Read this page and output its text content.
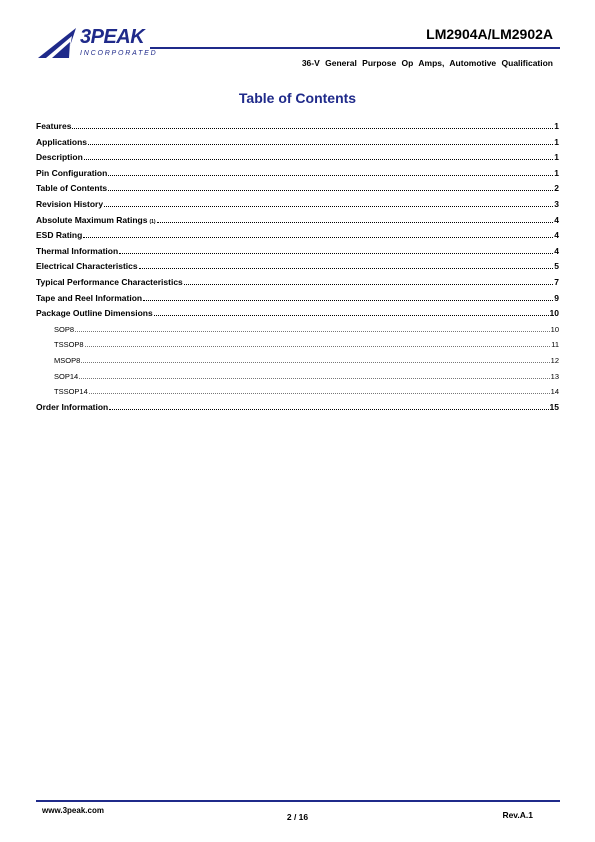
3PEAK
INCORPORATED
LM2904A/LM2902A
36-V General Purpose Op Amps, Automotive Qualification
Table of Contents
Features	1
Applications	1
Description	1
Pin Configuration	1
Table of Contents	2
Revision History	3
Absolute Maximum Ratings $_{(1)}$	4
ESD Rating	4
Thermal Information	4
Electrical Characteristics	5
Typical Performance Characteristics	7
Tape and Reel Information	9
Package Outline Dimensions	10
SOP8	10
TSSOP8	11
MSOP8	12
SOP14	13
TSSOP14	14
Order Information	15
www.3peak.com
2 / 16	Rev.A.1
